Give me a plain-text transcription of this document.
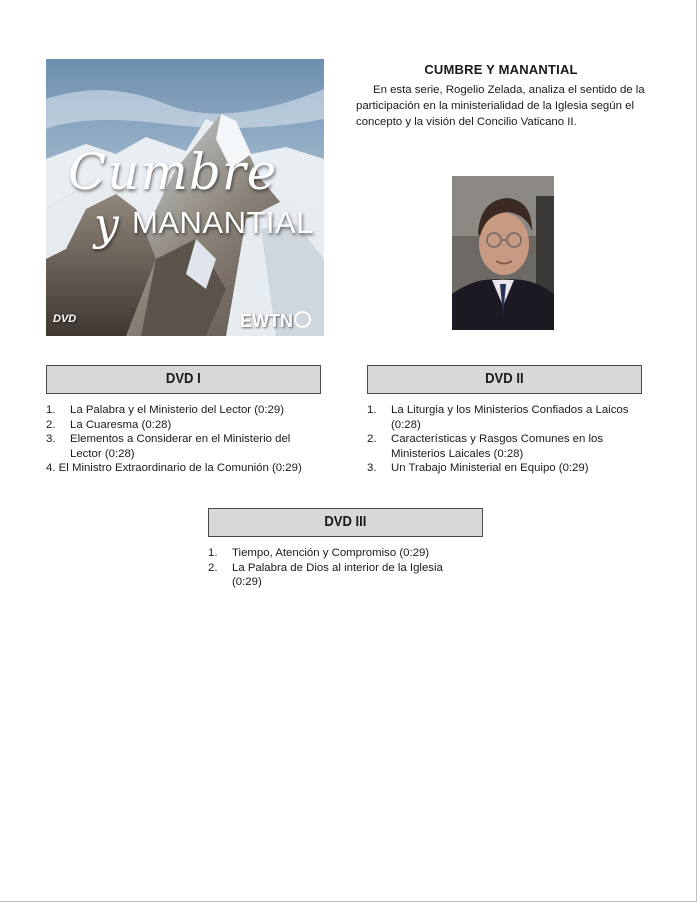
Cumbre
y MANANTIAL
DVD	EWTN
CUMBRE Y MANANTIAL
En esta serie, Rogelio Zelada, analiza el sentido de la participación en la ministerialidad de la Iglesia según el concepto y la visión del Concilio Vaticano II.
DVD I
1. La Palabra y el Ministerio del Lector (0:29)
2. La Cuaresma (0:28)
3. Elementos a Considerar en el Ministerio del Lector (0:28)
4. El Ministro Extraordinario de la Comunión (0:29)
DVD II
1. La Liturgia y los Ministerios Confiados a Laicos (0:28)
2. Características y Rasgos Comunes en los Ministerios Laicales (0:28)
3. Un Trabajo Ministerial en Equipo (0:29)
DVD III
1. Tiempo, Atención y Compromiso (0:29)
2. La Palabra de Dios al interior de la Iglesia (0:29)
